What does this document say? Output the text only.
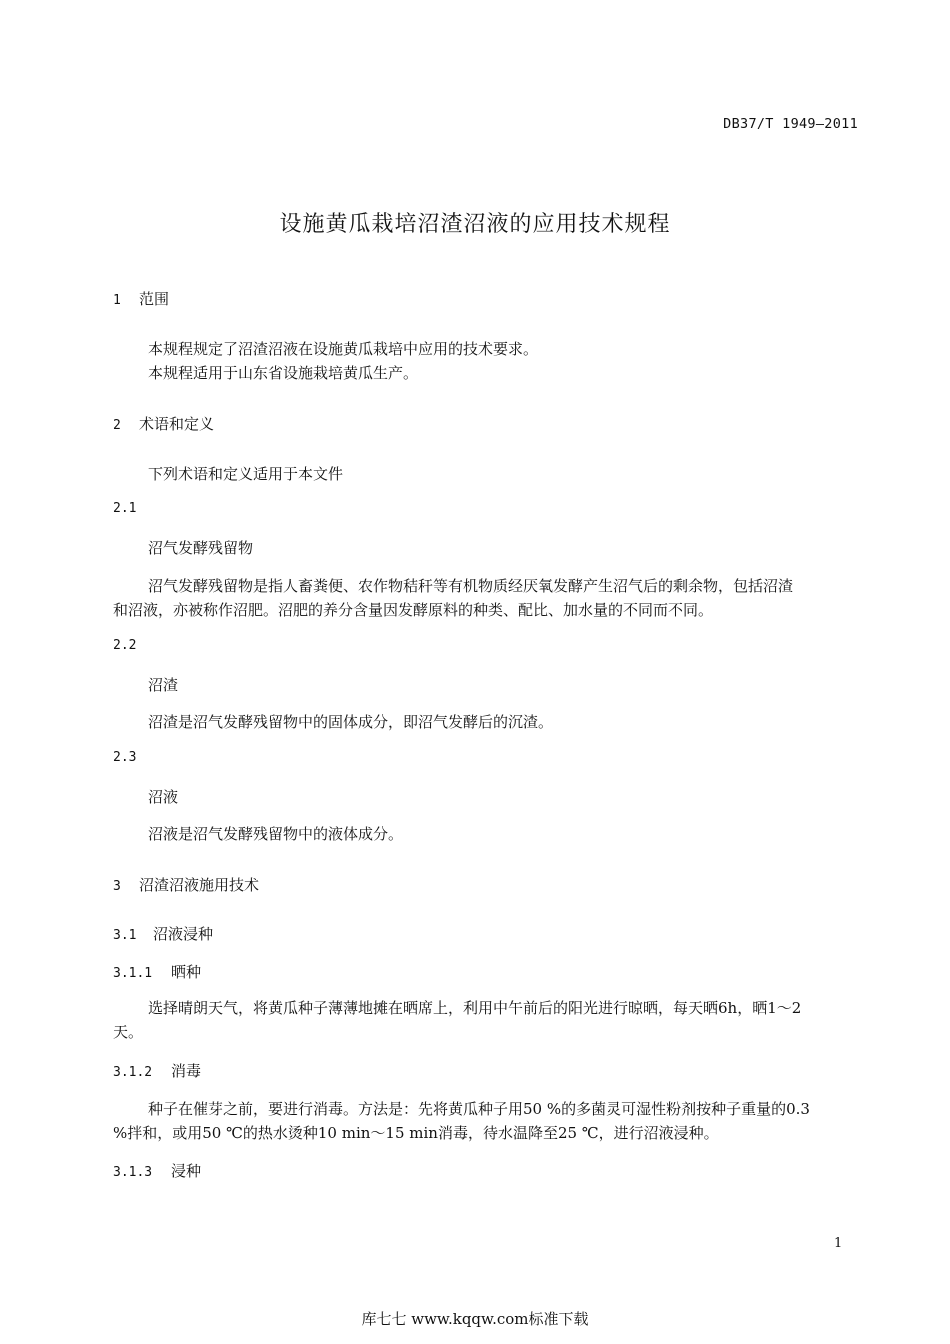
DB37/T 1949—2011
设施黄瓜栽培沼渣沼液的应用技术规程
1 范围
本规程规定了沼渣沼液在设施黄瓜栽培中应用的技术要求。
本规程适用于山东省设施栽培黄瓜生产。
2 术语和定义
下列术语和定义适用于本文件
2.1
沼气发酵残留物
沼气发酵残留物是指人畜粪便、农作物秸秆等有机物质经厌氧发酵产生沼气后的剩余物，包括沼渣
和沼液，亦被称作沼肥。沼肥的养分含量因发酵原料的种类、配比、加水量的不同而不同。
2.2
沼渣
沼渣是沼气发酵残留物中的固体成分，即沼气发酵后的沉渣。
2.3
沼液
沼液是沼气发酵残留物中的液体成分。
3 沼渣沼液施用技术
3.1 沼液浸种
3.1.1 晒种
选择晴朗天气，将黄瓜种子薄薄地摊在晒席上，利用中午前后的阳光进行晾晒，每天晒6h，晒1～2
天。
3.1.2 消毒
种子在催芽之前，要进行消毒。方法是：先将黄瓜种子用50 %的多菌灵可湿性粉剂按种子重量的0.3
%拌和，或用50 ℃的热水烫种10 min～15 min消毒，待水温降至25 ℃，进行沼液浸种。
3.1.3 浸种
1
库七七 www.kqqw.com标准下载
